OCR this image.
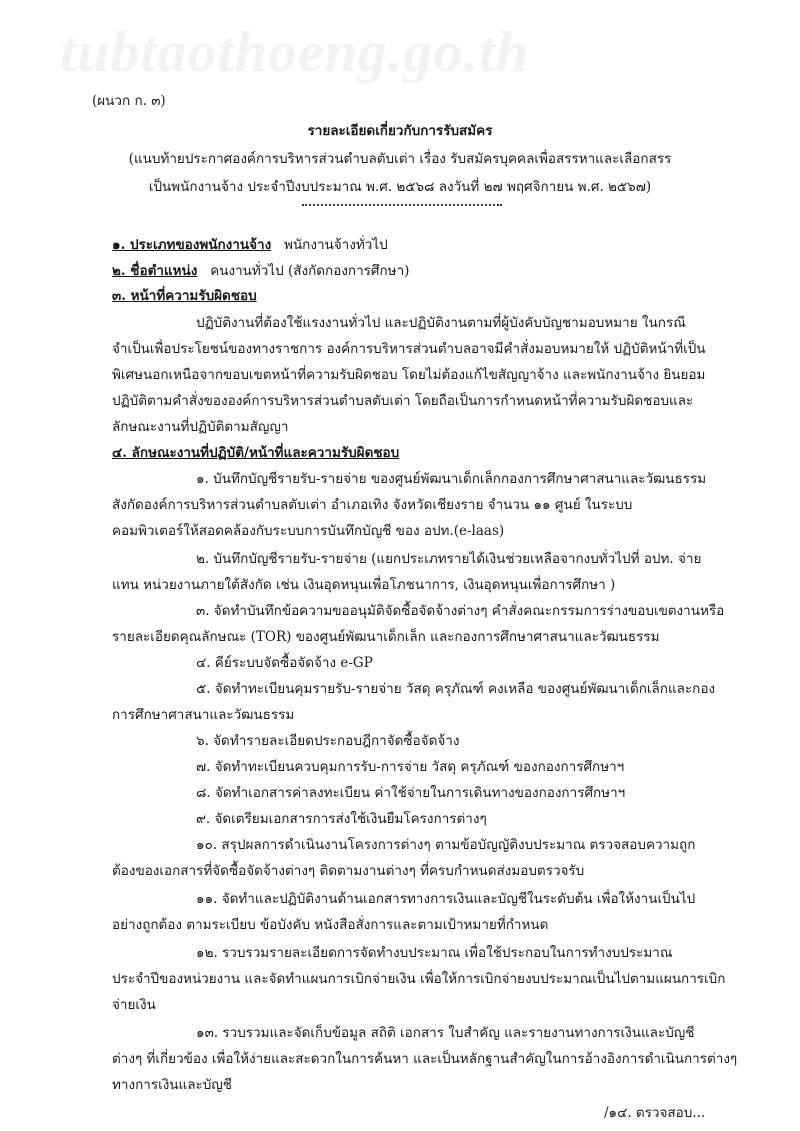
tubtaothoeng.go.th
(ผนวก ก. ๓)
รายละเอียดเกี่ยวกับการรับสมัคร
(แนบท้ายประกาศองค์การบริหารส่วนตำบลตับเต่า เรื่อง รับสมัครบุคคลเพื่อสรรหาและเลือกสรร
เป็นพนักงานจ้าง ประจำปีงบประมาณ พ.ศ. ๒๕๖๘ ลงวันที่ ๒๗ พฤศจิกายน พ.ศ. ๒๕๖๗)
๑. ประเภทของพนักงานจ้าง พนักงานจ้างทั่วไป
๒. ชื่อตำแหน่ง คนงานทั่วไป (สังกัดกองการศึกษา)
๓. หน้าที่ความรับผิดชอบ
ปฏิบัติงานที่ต้องใช้แรงงานทั่วไป และปฏิบัติงานตามที่ผู้บังคับบัญชามอบหมาย ในกรณี
จำเป็นเพื่อประโยชน์ของทางราชการ องค์การบริหารส่วนตำบลอาจมีคำสั่งมอบหมายให้ ปฏิบัติหน้าที่เป็น
พิเศษนอกเหนือจากขอบเขตหน้าที่ความรับผิดชอบ โดยไม่ต้องแก้ไขสัญญาจ้าง และพนักงานจ้าง ยินยอม
ปฏิบัติตามคำสั่งขององค์การบริหารส่วนตำบลตับเต่า โดยถือเป็นการกำหนดหน้าที่ความรับผิดชอบและ
ลักษณะงานที่ปฏิบัติตามสัญญา
๔. ลักษณะงานที่ปฏิบัติ/หน้าที่และความรับผิดชอบ
๑. บันทึกบัญชีรายรับ-รายจ่าย ของศูนย์พัฒนาเด็กเล็กกองการศึกษาศาสนาและวัฒนธรรม
สังกัดองค์การบริหารส่วนตำบลตับเต่า อำเภอเทิง จังหวัดเชียงราย จำนวน ๑๑ ศูนย์ ในระบบ
คอมพิวเตอร์ให้สอดคล้องกับระบบการบันทึกบัญชี ของ อปท.(e-laas)
๒. บันทึกบัญชีรายรับ-รายจ่าย (แยกประเภทรายได้เงินช่วยเหลือจากงบทั่วไปที่ อปท. จ่าย
แทน หน่วยงานภายใต้สังกัด เช่น เงินอุดหนุนเพื่อโภชนาการ, เงินอุดหนุนเพื่อการศึกษา )
๓. จัดทำบันทึกข้อความขออนุมัติจัดซื้อจัดจ้างต่างๆ คำสั่งคณะกรรมการร่างขอบเขตงานหรือ
รายละเอียดคุณลักษณะ (TOR) ของศูนย์พัฒนาเด็กเล็ก และกองการศึกษาศาสนาและวัฒนธรรม
๔. คีย์ระบบจัดซื้อจัดจ้าง e-GP
๕. จัดทำทะเบียนคุมรายรับ-รายจ่าย วัสดุ ครุภัณฑ์ คงเหลือ ของศูนย์พัฒนาเด็กเล็กและกอง
การศึกษาศาสนาและวัฒนธรรม
๖. จัดทำรายละเอียดประกอบฎีกาจัดซื้อจัดจ้าง
๗. จัดทำทะเบียนควบคุมการรับ-การจ่าย วัสดุ ครุภัณฑ์ ของกองการศึกษาฯ
๘. จัดทำเอกสารค่าลงทะเบียน ค่าใช้จ่ายในการเดินทางของกองการศึกษาฯ
๙. จัดเตรียมเอกสารการส่งใช้เงินยืมโครงการต่างๆ
๑๐. สรุปผลการดำเนินงานโครงการต่างๆ ตามข้อบัญญัติงบประมาณ ตรวจสอบความถูก
ต้องของเอกสารที่จัดซื้อจัดจ้างต่างๆ ติดตามงานต่างๆ ที่ครบกำหนดส่งมอบตรวจรับ
๑๑. จัดทำและปฏิบัติงานด้านเอกสารทางการเงินและบัญชีในระดับต้น เพื่อให้งานเป็นไป
อย่างถูกต้อง ตามระเบียบ ข้อบังคับ หนังสือสั่งการและตามเป้าหมายที่กำหนด
๑๒. รวบรวมรายละเอียดการจัดทำงบประมาณ เพื่อใช้ประกอบในการทำงบประมาณ
ประจำปีของหน่วยงาน และจัดทำแผนการเบิกจ่ายเงิน เพื่อให้การเบิกจ่ายงบประมาณเป็นไปตามแผนการเบิก
จ่ายเงิน
๑๓. รวบรวมและจัดเก็บข้อมูล สถิติ เอกสาร ใบสำคัญ และรายงานทางการเงินและบัญชี
ต่างๆ ที่เกี่ยวข้อง เพื่อให้ง่ายและสะดวกในการค้นหา และเป็นหลักฐานสำคัญในการอ้างอิงการดำเนินการต่างๆ
ทางการเงินและบัญชี
/๑๔. ตรวจสอบ...
